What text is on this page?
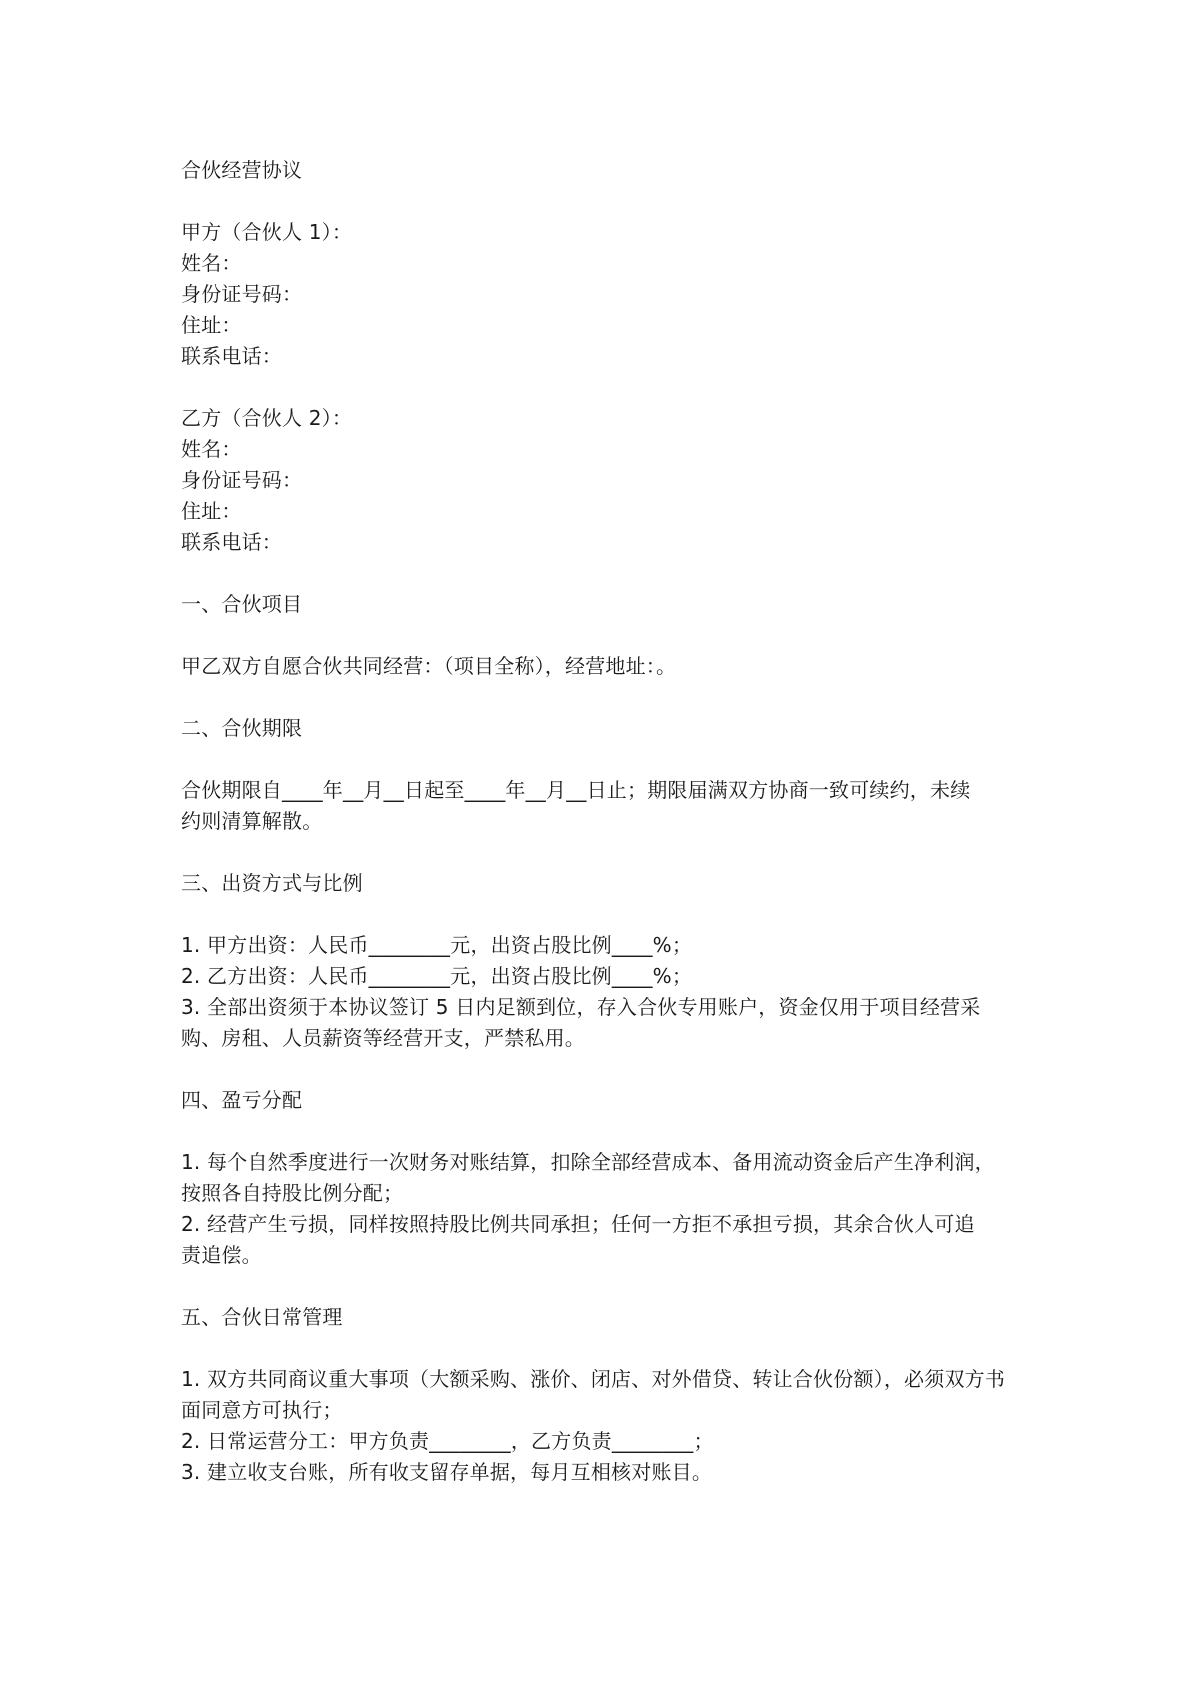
合伙经营协议
甲方（合伙人 1）：
姓名：
身份证号码：
住址：
联系电话：
乙方（合伙人 2）：
姓名：
身份证号码：
住址：
联系电话：
一、合伙项目
甲乙双方自愿合伙共同经营：（项目全称），经营地址：。
二、合伙期限
合伙期限自____年__月__日起至____年__月__日止；期限届满双方协商一致可续约，未续
约则清算解散。
三、出资方式与比例
1. 甲方出资：人民币________元，出资占股比例____%；
2. 乙方出资：人民币________元，出资占股比例____%；
3. 全部出资须于本协议签订 5 日内足额到位，存入合伙专用账户，资金仅用于项目经营采
购、房租、人员薪资等经营开支，严禁私用。
四、盈亏分配
1. 每个自然季度进行一次财务对账结算，扣除全部经营成本、备用流动资金后产生净利润，
按照各自持股比例分配；
2. 经营产生亏损，同样按照持股比例共同承担；任何一方拒不承担亏损，其余合伙人可追
责追偿。
五、合伙日常管理
1. 双方共同商议重大事项（大额采购、涨价、闭店、对外借贷、转让合伙份额），必须双方书
面同意方可执行；
2. 日常运营分工：甲方负责________，乙方负责________；
3. 建立收支台账，所有收支留存单据，每月互相核对账目。
